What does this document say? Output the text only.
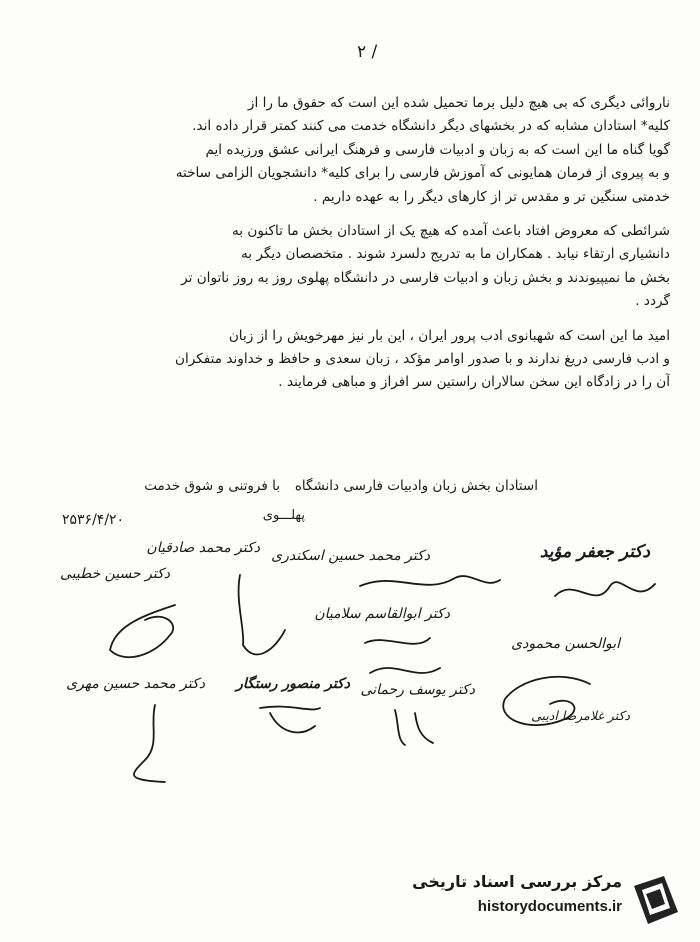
/ ۲
ناروائی دیگری که بی هیچ دلیل برما تحمیل شده این است که حقوق ما را از
کلیه* استادان مشابه که در بخشهای دیگر دانشگاه خدمت می کنند کمتر قرار داده اند.
گویا گناه ما این است که به زبان و ادبیات فارسی و فرهنگ ایرانی عشق ورزیده ایم
و به پیروی از فرمان همایونی که آموزش فارسی را برای کلیه* دانشجویان الزامی ساخته
خدمتی سنگین تر و مقدس تر از کارهای دیگر را به عهده داریم .
شرائطی که معروض افتاد باعث آمده که هیچ یک از استادان بخش ما تاکنون به
دانشیاری ارتقاء نیابد . همکاران ما به تدریج دلسرد شوند . متخصصان دیگر به
بخش ما نمیپیوندند و بخش زبان و ادبیات فارسی در دانشگاه پهلوی روز به روز ناتوان تر
گردد .
امید ما این است که شهبانوی ادب پرور ایران ، این بار نیز مهرخویش را از زبان
و ادب فارسی دریغ ندارند و با صدور اوامر مؤکد ، زبان سعدی و حافظ و خداوند متفکران
آن را در زادگاه این سخن سالاران راستین سر افراز و مباهی فرمایند .
با فروتنی و شوق خدمت استادان بخش زبان وادبیات فارسی دانشگاه
پهلـــوی
۲۵۳۶/۴/۲۰
دکتر جعفر مؤید
دکتر محمد حسین اسکندری
دکتر محمد صادقیان
دکتر حسین خطیبی
دکتر ابوالقاسم سلامیان
ابوالحسن محمودی
دکتر منصور رستگار
دکتر محمد حسین مهری	دکتر یوسف رحمانی
دکتر غلامرضا ادیبی
مرکز بررسی اسناد تاریخی
historydocuments.ir
